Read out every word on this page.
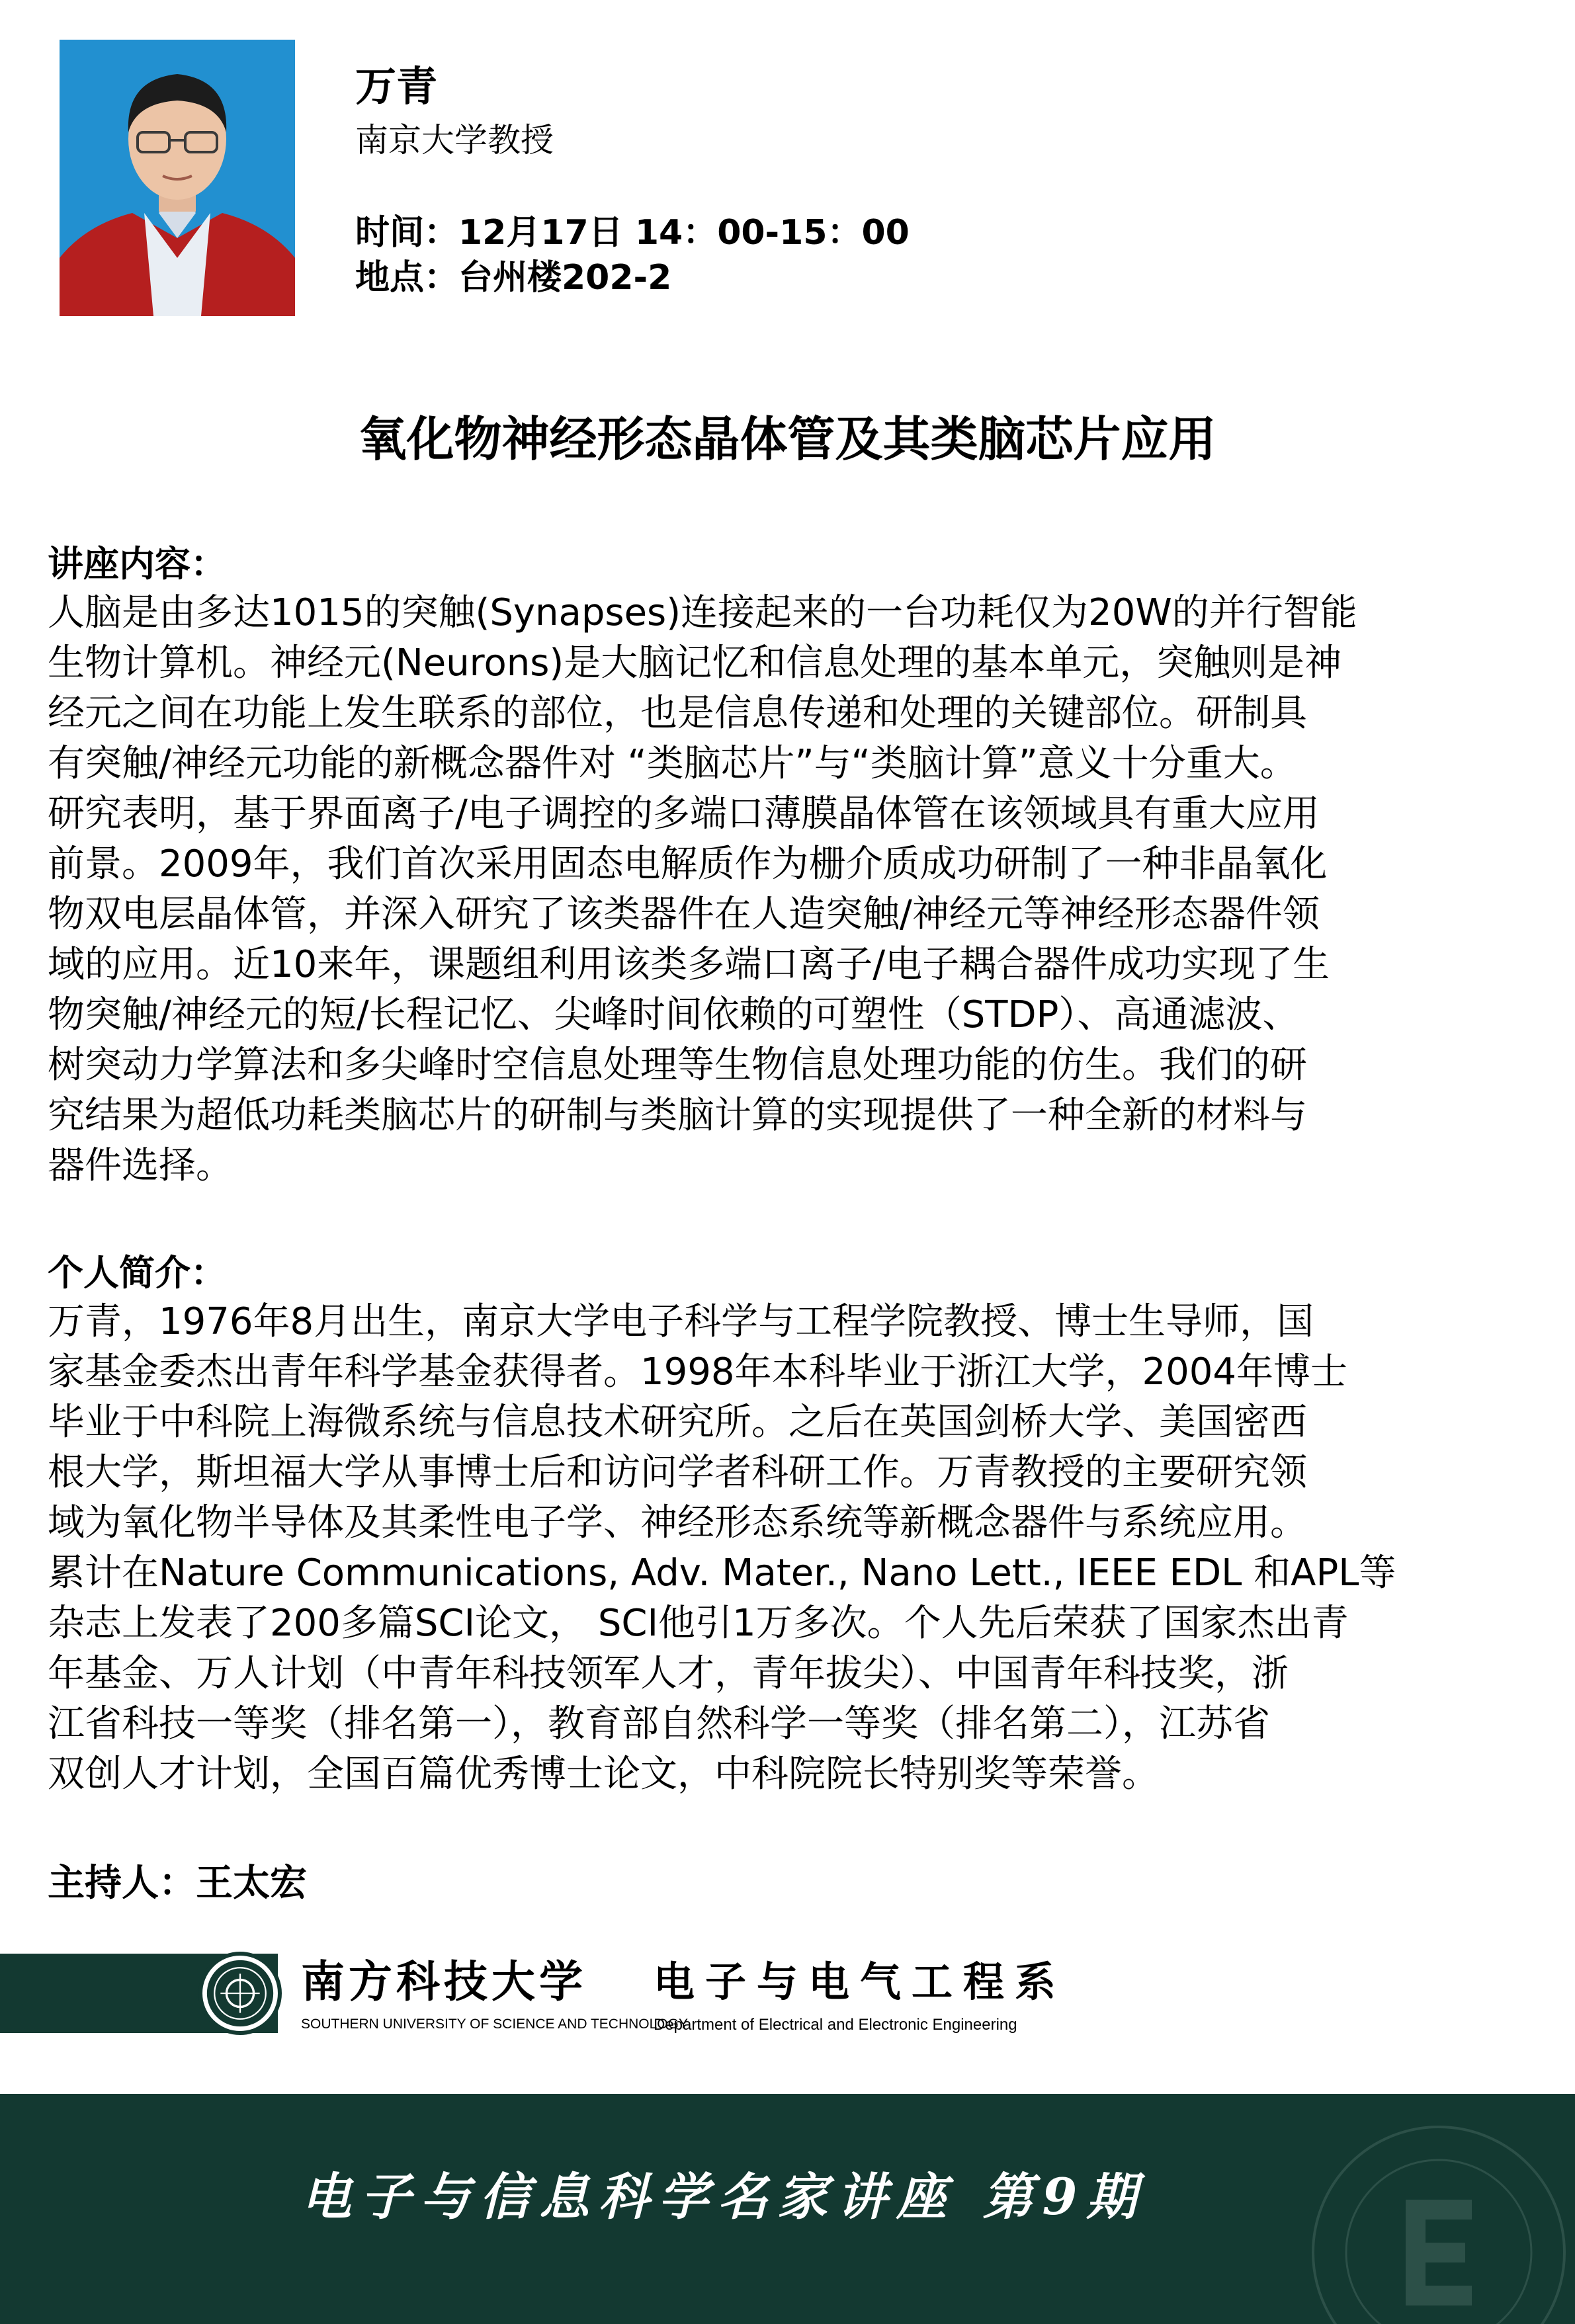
万青
南京大学教授
时间：12月17日 14：00-15：00
地点：台州楼202-2
氧化物神经形态晶体管及其类脑芯片应用
讲座内容：
人脑是由多达1015的突触(Synapses)连接起来的一台功耗仅为20W的并行智能
生物计算机。神经元(Neurons)是大脑记忆和信息处理的基本单元，突触则是神
经元之间在功能上发生联系的部位，也是信息传递和处理的关键部位。研制具
有突触/神经元功能的新概念器件对 “类脑芯片”与“类脑计算”意义十分重大。
研究表明，基于界面离子/电子调控的多端口薄膜晶体管在该领域具有重大应用
前景。2009年，我们首次采用固态电解质作为栅介质成功研制了一种非晶氧化
物双电层晶体管，并深入研究了该类器件在人造突触/神经元等神经形态器件领
域的应用。近10来年，课题组利用该类多端口离子/电子耦合器件成功实现了生
物突触/神经元的短/长程记忆、尖峰时间依赖的可塑性（STDP）、高通滤波、
树突动力学算法和多尖峰时空信息处理等生物信息处理功能的仿生。我们的研
究结果为超低功耗类脑芯片的研制与类脑计算的实现提供了一种全新的材料与
器件选择。
个人简介：
万青，1976年8月出生，南京大学电子科学与工程学院教授、博士生导师，国
家基金委杰出青年科学基金获得者。1998年本科毕业于浙江大学，2004年博士
毕业于中科院上海微系统与信息技术研究所。之后在英国剑桥大学、美国密西
根大学，斯坦福大学从事博士后和访问学者科研工作。万青教授的主要研究领
域为氧化物半导体及其柔性电子学、神经形态系统等新概念器件与系统应用。
累计在Nature Communications, Adv. Mater., Nano Lett., IEEE EDL 和APL等
杂志上发表了200多篇SCI论文， SCI他引1万多次。个人先后荣获了国家杰出青
年基金、万人计划（中青年科技领军人才，青年拔尖）、中国青年科技奖，浙
江省科技一等奖（排名第一），教育部自然科学一等奖（排名第二），江苏省
双创人才计划，全国百篇优秀博士论文，中科院院长特别奖等荣誉。
主持人：王太宏
南方科技大学
SOUTHERN UNIVERSITY OF SCIENCE AND TECHNOLOGY
电子与电气工程系
Department of Electrical and Electronic Engineering
电子与信息科学名家讲座 第9期
